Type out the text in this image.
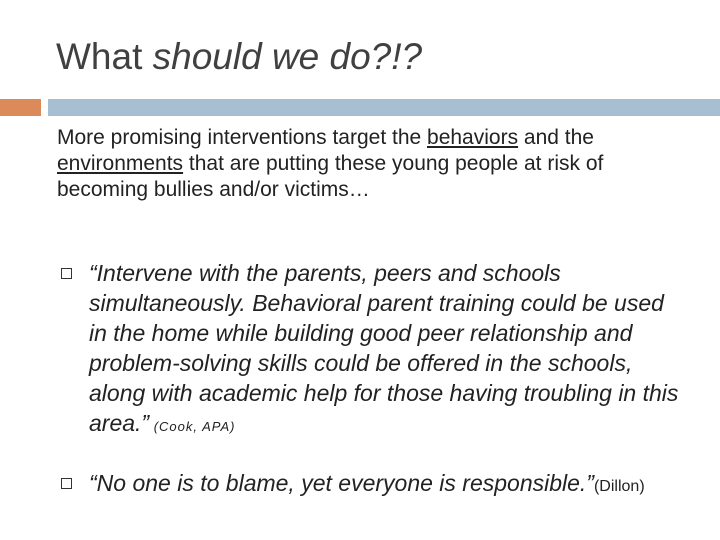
What should we do?!?
More promising interventions target the behaviors and the environments that are putting these young people at risk of becoming bullies and/or victims…
“Intervene with the parents, peers and schools simultaneously. Behavioral parent training could be used in the home while building good peer relationship and problem-solving skills could be offered in the schools, along with academic help for those having troubling in this area.” (Cook, APA)
“No one is to blame, yet everyone is responsible.”(Dillon)
